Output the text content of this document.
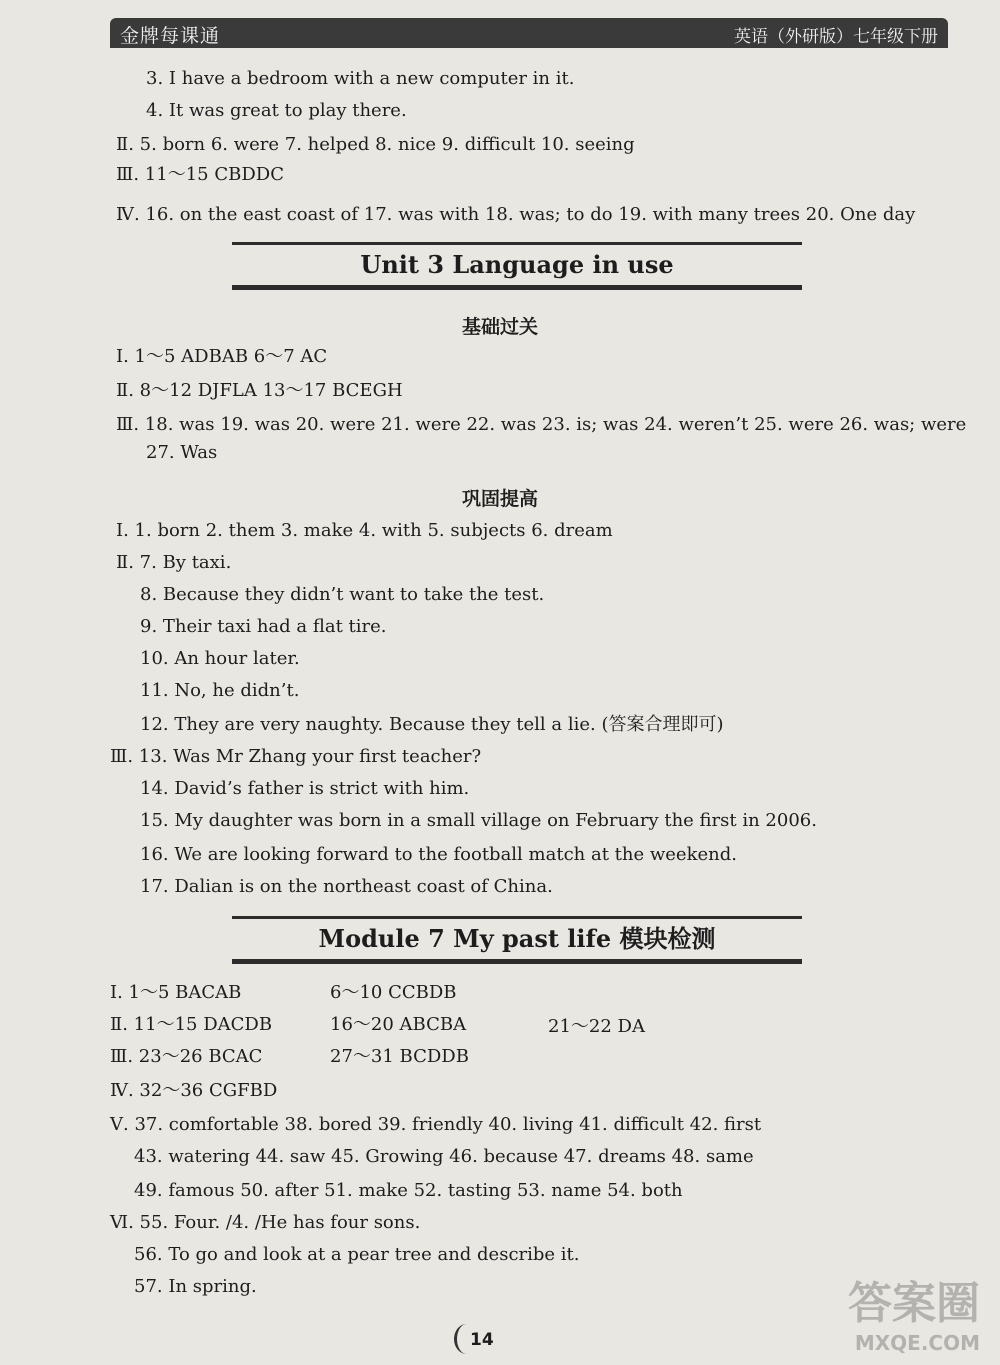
金牌每课通	英语（外研版）七年级下册
3. I have a bedroom with a new computer in it.
4. It was great to play there.
Ⅱ. 5. born 6. were 7. helped 8. nice 9. difficult 10. seeing
Ⅲ. 11～15 CBDDC
Ⅳ. 16. on the east coast of 17. was with 18. was; to do 19. with many trees 20. One day
Unit 3 Language in use
基础过关
Ⅰ. 1～5 ADBAB 6～7 AC
Ⅱ. 8～12 DJFLA 13～17 BCEGH
Ⅲ. 18. was 19. was 20. were 21. were 22. was 23. is; was 24. weren’t 25. were 26. was; were
27. Was
巩固提高
Ⅰ. 1. born 2. them 3. make 4. with 5. subjects 6. dream
Ⅱ. 7. By taxi.
8. Because they didn’t want to take the test.
9. Their taxi had a flat tire.
10. An hour later.
11. No, he didn’t.
12. They are very naughty. Because they tell a lie. (答案合理即可)
Ⅲ. 13. Was Mr Zhang your first teacher?
14. David’s father is strict with him.
15. My daughter was born in a small village on February the first in 2006.
16. We are looking forward to the football match at the weekend.
17. Dalian is on the northeast coast of China.
Module 7 My past life 模块检测
Ⅰ. 1～5 BACAB	6～10 CCBDB
Ⅱ. 11～15 DACDB	16～20 ABCBA	21～22 DA
Ⅲ. 23～26 BCAC	27～31 BCDDB
Ⅳ. 32～36 CGFBD
Ⅴ. 37. comfortable 38. bored 39. friendly 40. living 41. difficult 42. first
43. watering 44. saw 45. Growing 46. because 47. dreams 48. same
49. famous 50. after 51. make 52. tasting 53. name 54. both
Ⅵ. 55. Four. /4. /He has four sons.
56. To go and look at a pear tree and describe it.
57. In spring.
14
答案圈
MXQE.COM
